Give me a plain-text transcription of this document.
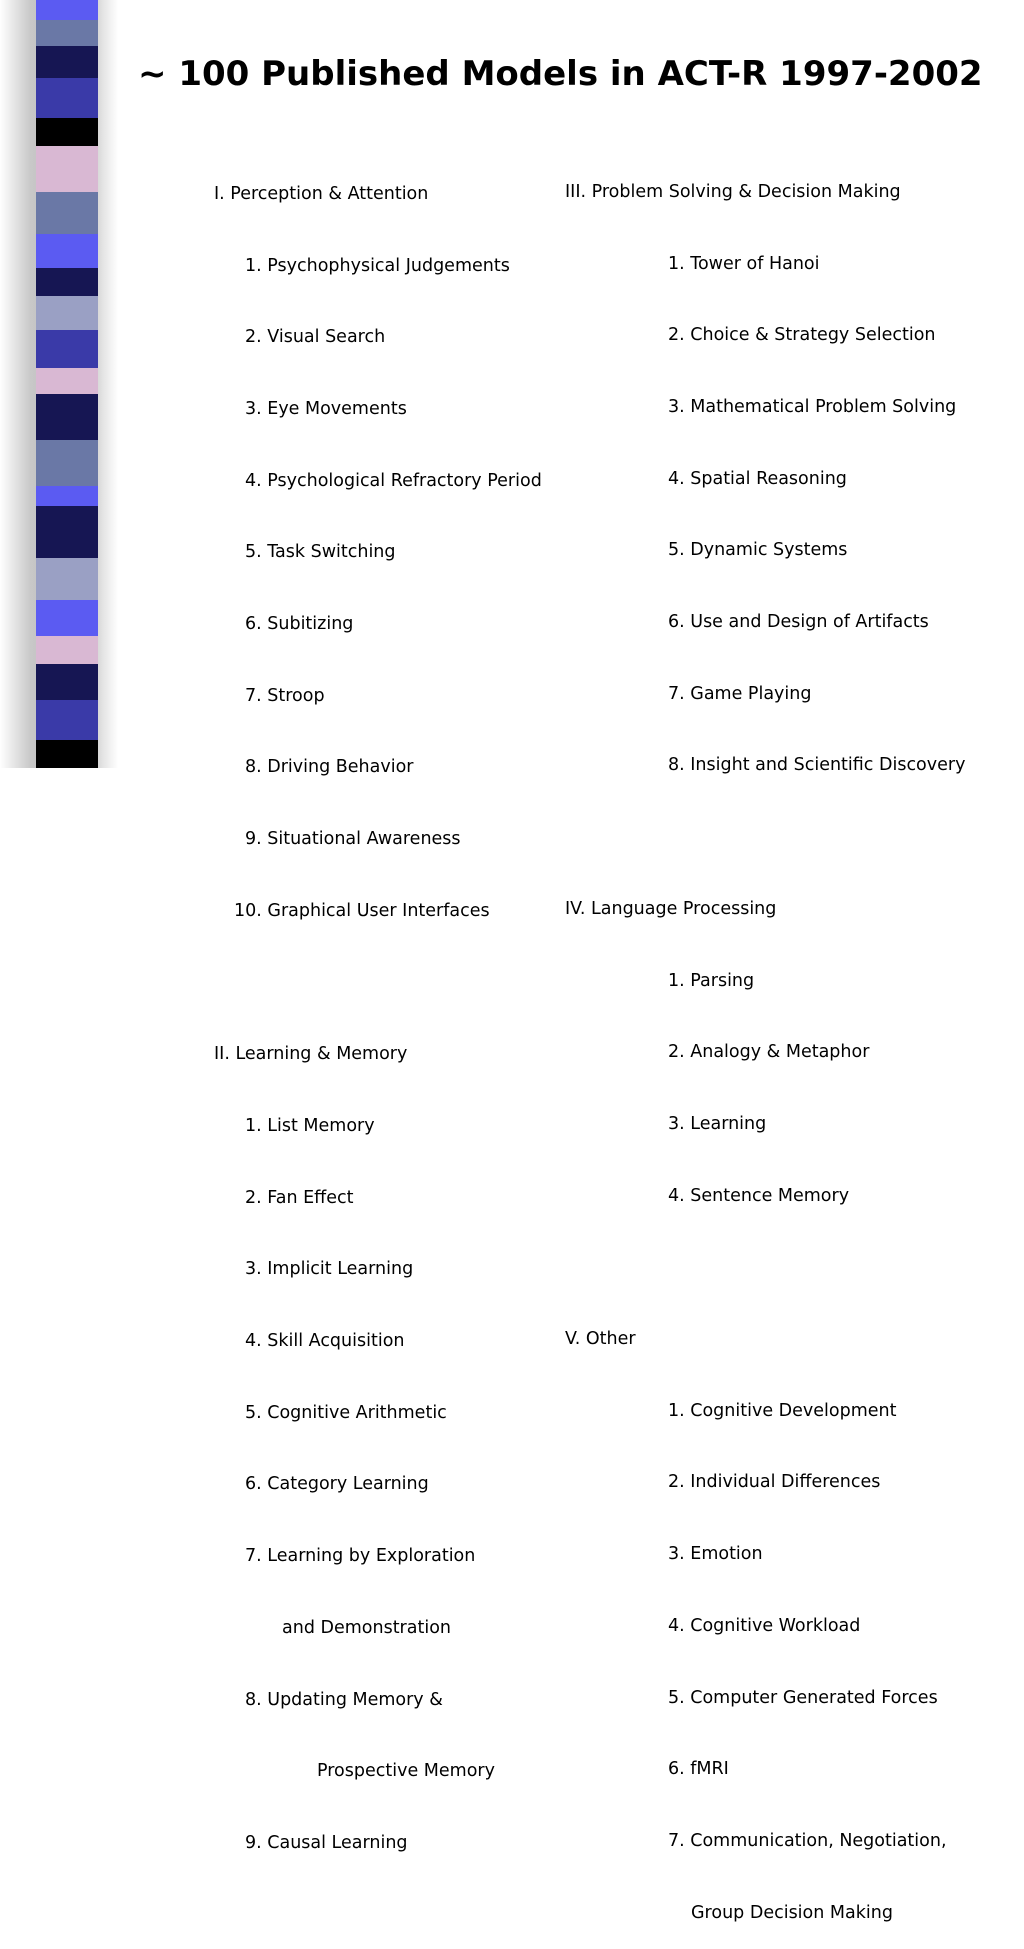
~ 100 Published Models in ACT-R 1997-2002

I. Perception & Attention

1. Psychophysical Judgements

2. Visual Search

3. Eye Movements

4. Psychological Refractory Period

5. Task Switching

6. Subitizing

7. Stroop

8. Driving Behavior

9. Situational Awareness

10. Graphical User Interfaces

II. Learning & Memory

1. List Memory

2. Fan Effect

3. Implicit Learning

4. Skill Acquisition

5. Cognitive Arithmetic

6. Category Learning

7. Learning by Exploration

and Demonstration

8. Updating Memory &

Prospective Memory

9. Causal Learning

III. Problem Solving & Decision Making

1. Tower of Hanoi

2. Choice & Strategy Selection

3. Mathematical Problem Solving

4. Spatial Reasoning

5. Dynamic Systems

6. Use and Design of Artifacts

7. Game Playing

8. Insight and Scientific Discovery

IV. Language Processing

1. Parsing

2. Analogy & Metaphor

3. Learning

4. Sentence Memory

V. Other

1. Cognitive Development

2. Individual Differences

3. Emotion

4. Cognitive Workload

5. Computer Generated Forces

6. fMRI

7. Communication, Negotiation,

Group Decision Making
